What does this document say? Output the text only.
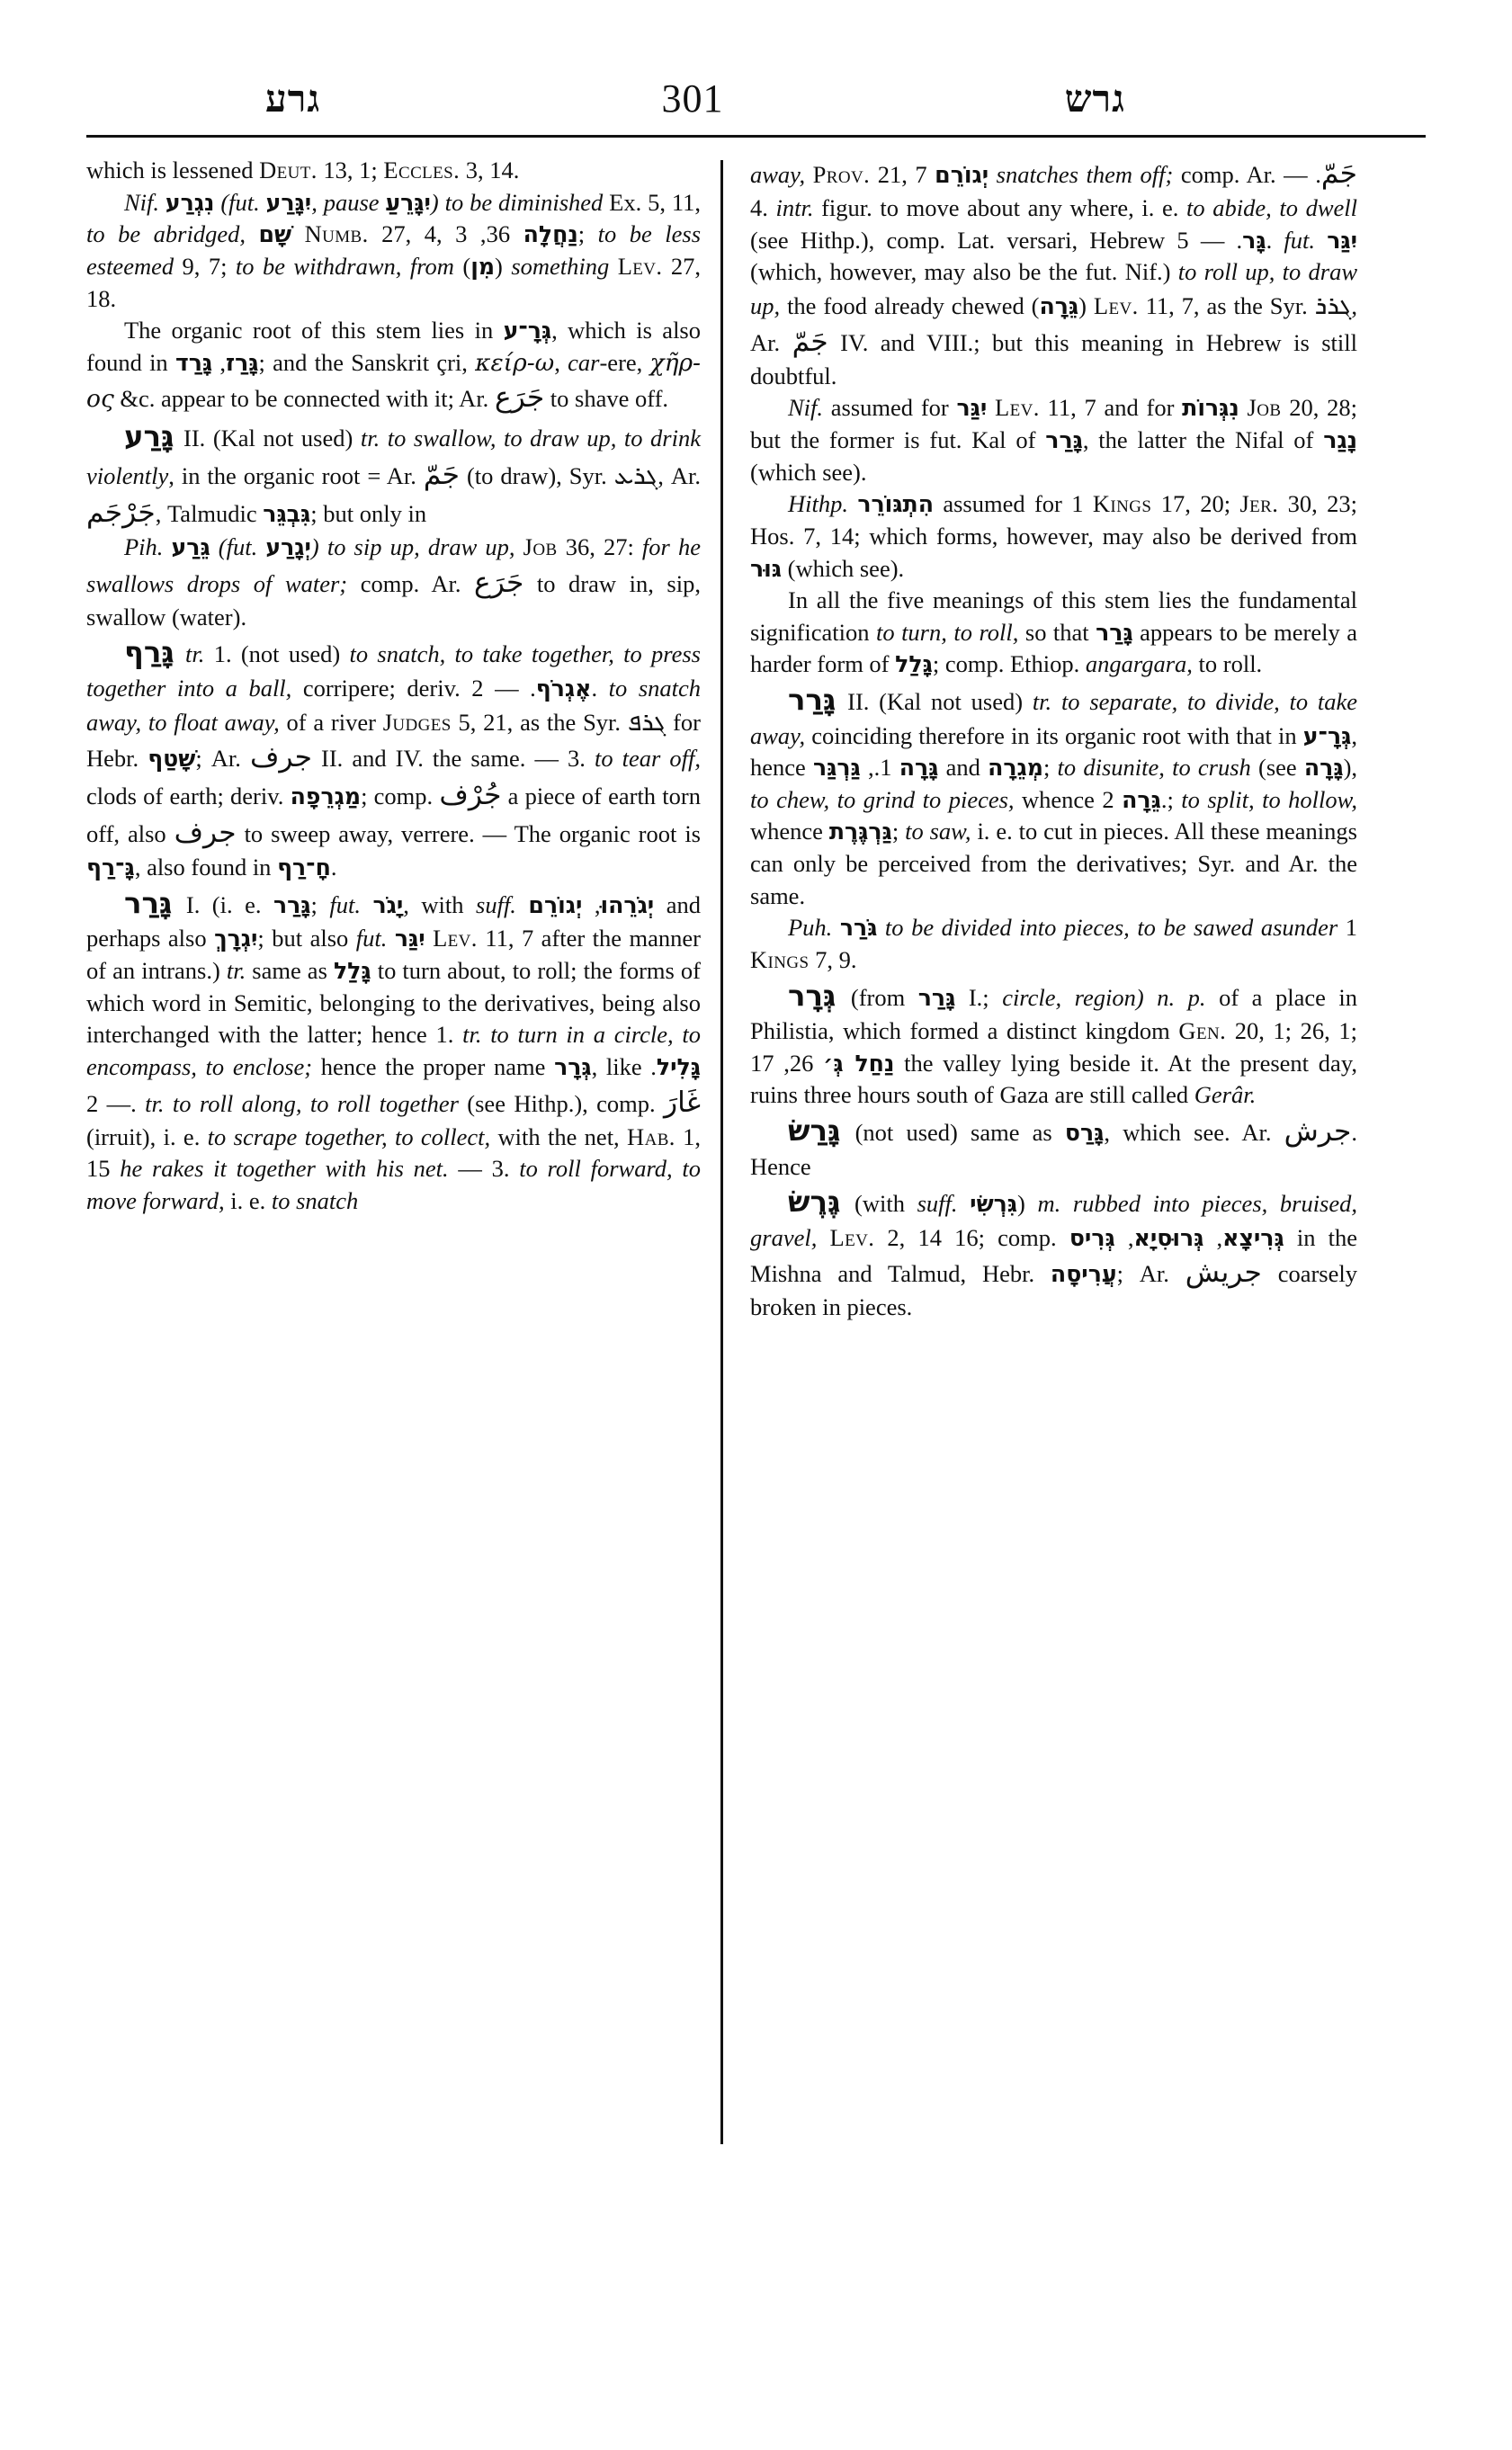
גרע	301	גרש

which is lessened Deut. 13, 1; Eccles. 3, 14.

Nif. נִגְרַע (fut. יִגָּרַע, pause יִגָּרֵעַ) to be diminished Ex. 5, 11, to be abridged, שָׁם Numb. 27, 4,	נַחֲלָה 36, 3; to be less esteemed 9, 7; to be withdrawn, from (מִן) something Lev. 27, 18.

The organic root of this stem lies in גְּרָ־ע, which is also found in גָּרַז, גָּרַד ; and the Sanskrit çri, κείρ-ω, car-ere, χῆρ-ος &c. appear to be connected with it; Ar. جَرَع to shave off.

גָּרַע II. (Kal not used) tr. to swallow, to draw up, to drink violently, in the organic root = Ar. جَمّ (to draw), Syr. ܓܪܥ, Ar. جَرْجَم, Talmudic גִּבְגֵּר; but only in

Pih. גֵּרַע (fut. יְגָרַע) to sip up, draw up, Job 36, 27: for he swallows drops of water; comp. Ar. جَرَع to draw in, sip, swallow (water).

גָּרַף tr. 1. (not used) to snatch, to take together, to press together into a ball, corripere; deriv.	אֶגְרֹף. — 2. to snatch away, to float away, of a river Judges 5, 21, as the Syr. ܓܪܦ for Hebr. שָׁטַף; Ar. جرف II. and IV. the same. — 3. to tear off, clods of earth; deriv. מַגְרֵפָה; comp. جُرْف a piece of earth torn off, also جرف to sweep away, verrere. — The organic root is גָּ־רַף, also found in חָ־רַף.

גָּרַר I. (i. e. גָּרַר; fut. יָגֹר, with suff.	יְגֹרֵהוּ, יְגוֹרֵם	and perhaps also יִגְרָךְ; but also fut. יִגַּר Lev. 11, 7 after the manner of an intrans.) tr. same as גָּלַל to turn about, to roll; the forms of which word in Semitic, belonging to the derivatives, being also interchanged with the latter; hence 1. tr. to turn in a circle, to encompass, to enclose; hence the proper name גְּרָר, like גָּלִיל. — 2. tr. to roll along, to roll together (see Hithp.), comp. غَارَ (irruit), i. e. to scrape together, to collect, with the net, Hab. 1, 15 he rakes it together with his net. — 3. to roll forward, to move forward, i. e. to snatch

away, Prov. 21, 7 יְגוֹרֵם snatches them off; comp. Ar. جَمّ. — 4. intr. figur. to move about any where, i. e. to abide, to dwell (see Hithp.), comp. Lat. versari, Hebrew	גָּר. — 5. fut. יִגַּר (which, however, may also be the fut. Nif.) to roll up, to draw up, the food already chewed (גֵּרָה) Lev. 11, 7, as the Syr. ܓܪܪ, Ar. جَمّ IV. and VIII.; but this meaning in Hebrew is still doubtful.

Nif. assumed for יִגַּר Lev. 11, 7 and for נִגְּרוֹת Job 20, 28; but the former is fut. Kal of גָּרַר, the latter the Nifal of נָגַר (which see).

Hithp. הִתְגּוֹרֵר assumed for 1 Kings 17, 20; Jer. 30, 23; Hos. 7, 14; which forms, however, may also be derived from גּוּר (which see).

In all the five meanings of this stem lies the fundamental signification to turn, to roll, so that גָּרַר appears to be merely a harder form of גָּלַל; comp. Ethiop. angargara, to roll.

גָּרַר II. (Kal not used) tr. to separate, to divide, to take away, coinciding therefore in its organic root with that in גְּרָ־ע, hence	גָּרָה 1., גַּרְגַּר	and מְגֵרָה; to disunite, to crush (see גָּרָה), to chew, to grind to pieces, whence גֵּרָה 2.; to split, to hollow, whence גַּרְגֶּרֶת; to saw, i. e. to cut in pieces. All these meanings can only be perceived from the derivatives; Syr. and Ar. the same.

Puh. גֹּרַר to be divided into pieces, to be sawed asunder 1 Kings 7, 9.

גְּרָר (from גָּרַר I.; circle, region) n. p. of a place in Philistia, which formed a distinct kingdom Gen. 20, 1; 26, 1; נַחַל גְּ׳ 26, 17 the valley lying beside it. At the present day, ruins three hours south of Gaza are still called Gerâr.

גָּרַשׂ (not used) same as גָּרַס, which see. Ar. جرش. Hence

גֶּרֶשׂ (with suff. גִּרְשִׂי) m. rubbed into pieces, bruised, gravel, Lev. 2, 14 16; comp.	גְּרִיצָא, גְּרוּסִיָא, גְּרִיס	in the Mishna and Talmud, Hebr. עֲרִיסָה; Ar. جريش coarsely broken in pieces.
